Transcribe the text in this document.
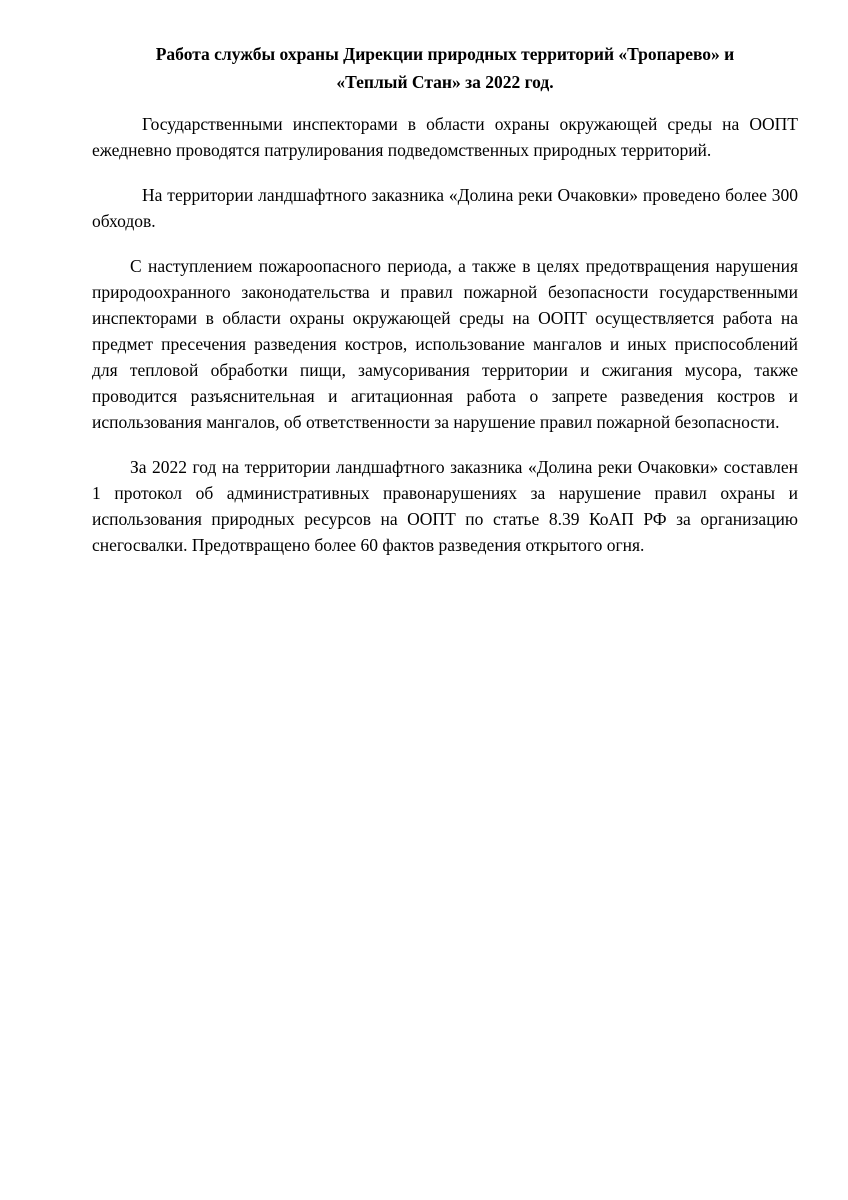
Работа службы охраны Дирекции природных территорий «Тропарево» и
«Теплый Стан» за 2022 год.

Государственными инспекторами в области охраны окружающей среды на ООПТ ежедневно проводятся патрулирования подведомственных природных территорий.

На территории ландшафтного заказника «Долина реки Очаковки» проведено более 300 обходов.

С наступлением пожароопасного периода, а также в целях предотвращения нарушения природоохранного законодательства и правил пожарной безопасности государственными инспекторами в области охраны окружающей среды на ООПТ осуществляется работа на предмет пресечения разведения костров, использование мангалов и иных приспособлений для тепловой обработки пищи, замусоривания территории и сжигания мусора, также проводится разъяснительная и агитационная работа о запрете разведения костров и использования мангалов, об ответственности за нарушение правил пожарной безопасности.

За 2022 год на территории ландшафтного заказника «Долина реки Очаковки» составлен 1 протокол об административных правонарушениях за нарушение правил охраны и использования природных ресурсов на ООПТ по статье 8.39 КоАП РФ за организацию снегосвалки. Предотвращено более 60 фактов разведения открытого огня.
